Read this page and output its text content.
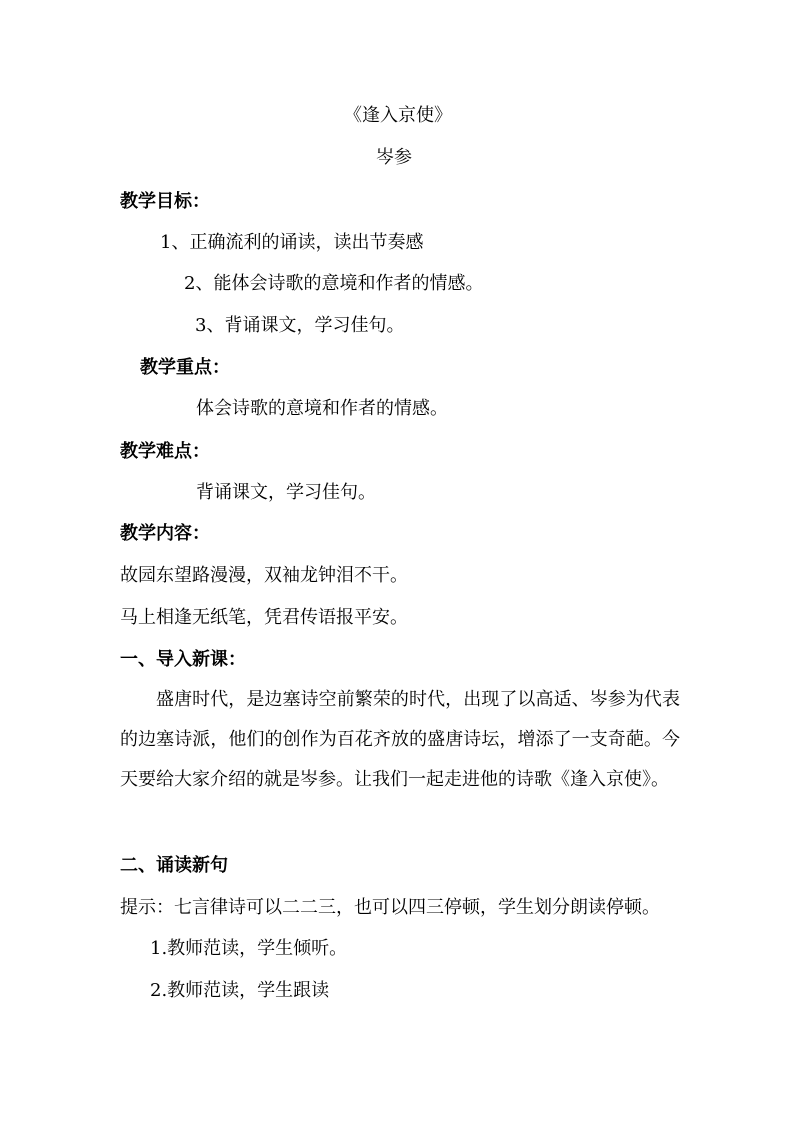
《逢入京使》
岑参
教学目标：
1、正确流利的诵读，读出节奏感
2、能体会诗歌的意境和作者的情感。
3、背诵课文，学习佳句。
教学重点：
体会诗歌的意境和作者的情感。
教学难点：
背诵课文，学习佳句。
教学内容：
故园东望路漫漫，双袖龙钟泪不干。
马上相逢无纸笔，凭君传语报平安。
一、导入新课：

盛唐时代，是边塞诗空前繁荣的时代，出现了以高适、岑参为代表的边塞诗派，他们的创作为百花齐放的盛唐诗坛，增添了一支奇葩。今天要给大家介绍的就是岑参。让我们一起走进他的诗歌《逢入京使》。

二、诵读新句
提示：七言律诗可以二二三，也可以四三停顿，学生划分朗读停顿。
1.教师范读，学生倾听。
2.教师范读，学生跟读
